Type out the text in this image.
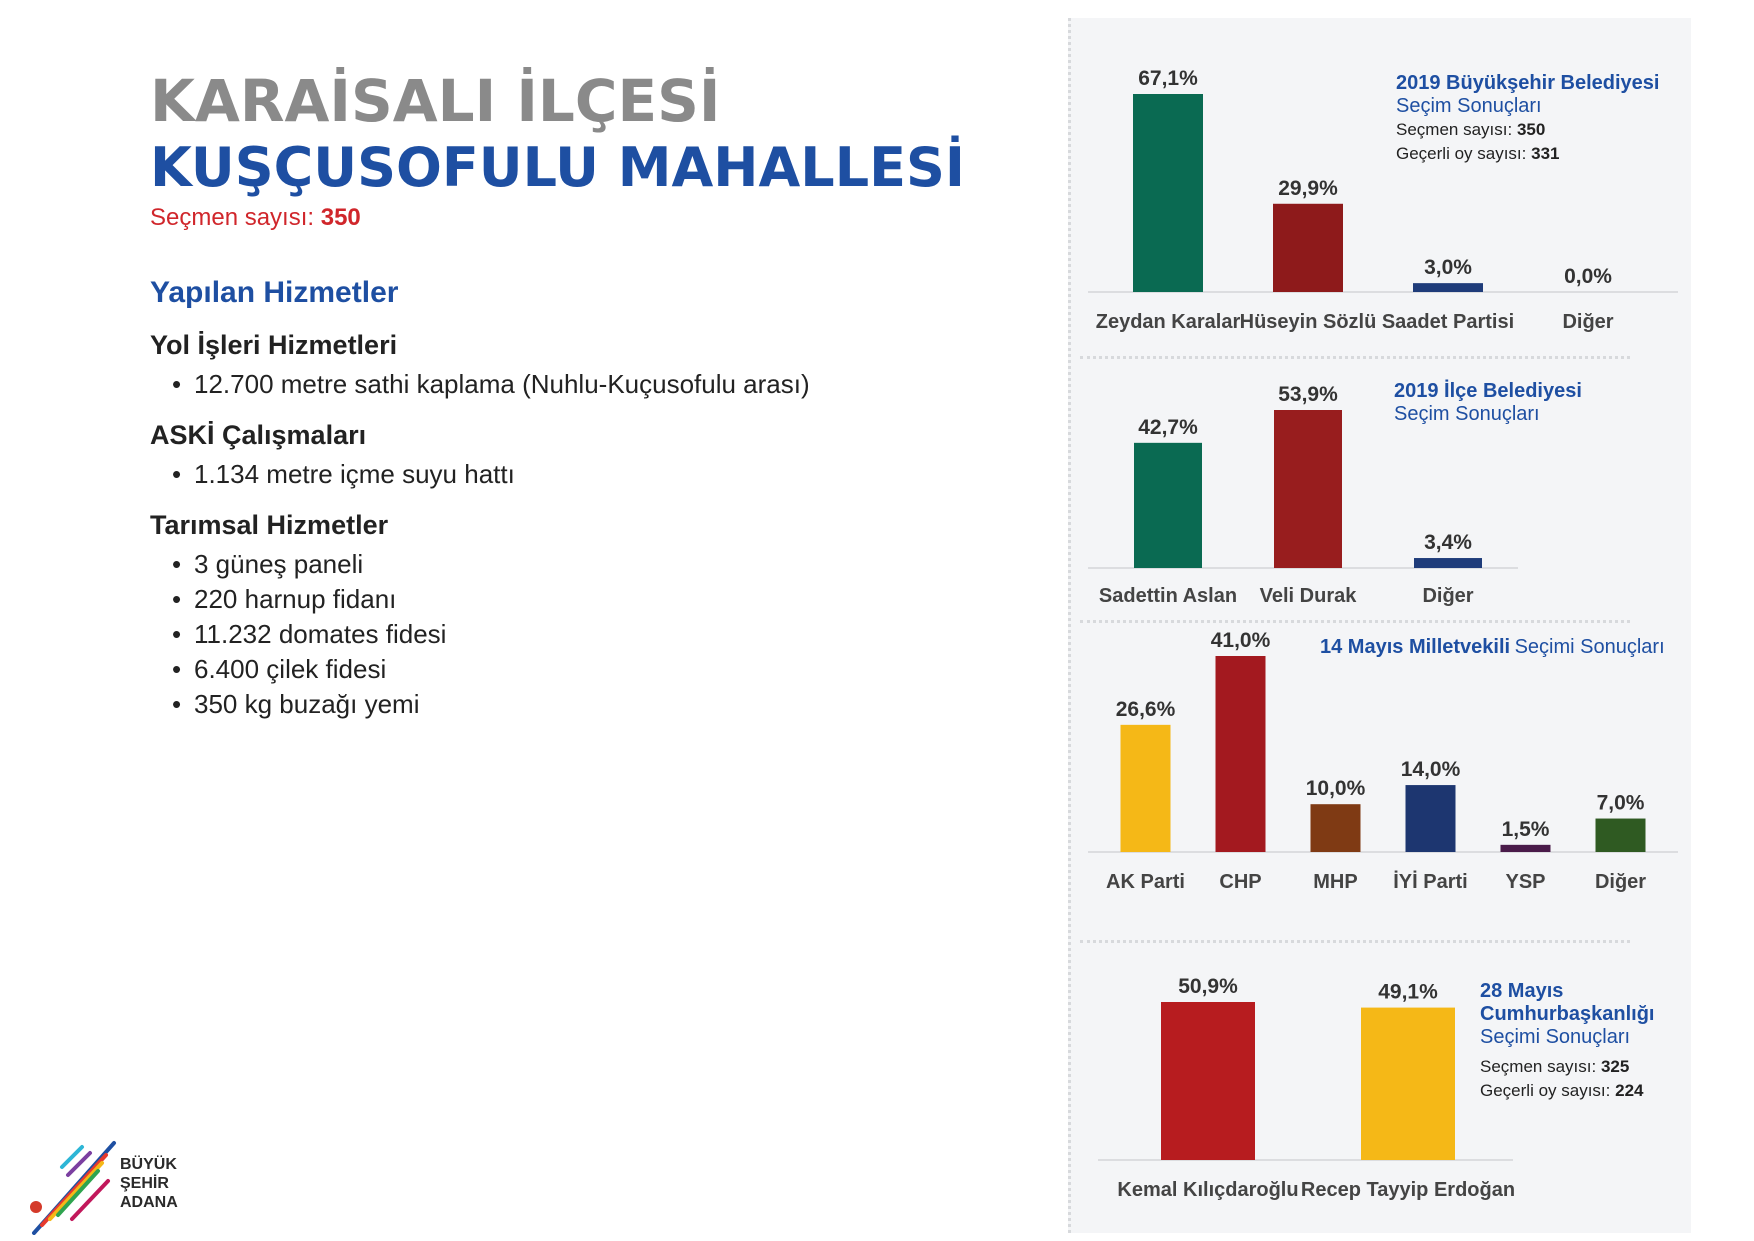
KARAİSALI İLÇESİ
KUŞÇUSOFULU MAHALLESİ
Seçmen sayısı: 350
Yapılan Hizmetler
Yol İşleri Hizmetleri
• 12.700 metre sathi kaplama (Nuhlu-Kuçusofulu arası)
ASKİ Çalışmaları
• 1.134 metre içme suyu hattı
Tarımsal Hizmetler
• 3 güneş paneli
• 220 harnup fidanı
• 11.232 domates fidesi
• 6.400 çilek fidesi
• 350 kg buzağı yemi
BÜYÜK
ŞEHİR
ADANA
67,1%
Zeydan Karalar
29,9%
Hüseyin Sözlü
3,0%
Saadet Partisi
0,0%
Diğer
42,7%
Sadettin Aslan
53,9%
Veli Durak
3,4%
Diğer
26,6%
AK Parti
41,0%
CHP
10,0%
MHP
14,0%
İYİ Parti
1,5%
YSP
7,0%
Diğer
50,9%
Kemal Kılıçdaroğlu
49,1%
Recep Tayyip Erdoğan
2019 Büyükşehir Belediyesi
Seçim Sonuçları
Seçmen sayısı: 350
Geçerli oy sayısı: 331
2019 İlçe Belediyesi
Seçim Sonuçları
14 Mayıs Milletvekili Seçimi Sonuçları
28 Mayıs Cumhurbaşkanlığı
Seçimi Sonuçları
Seçmen sayısı: 325
Geçerli oy sayısı: 224
